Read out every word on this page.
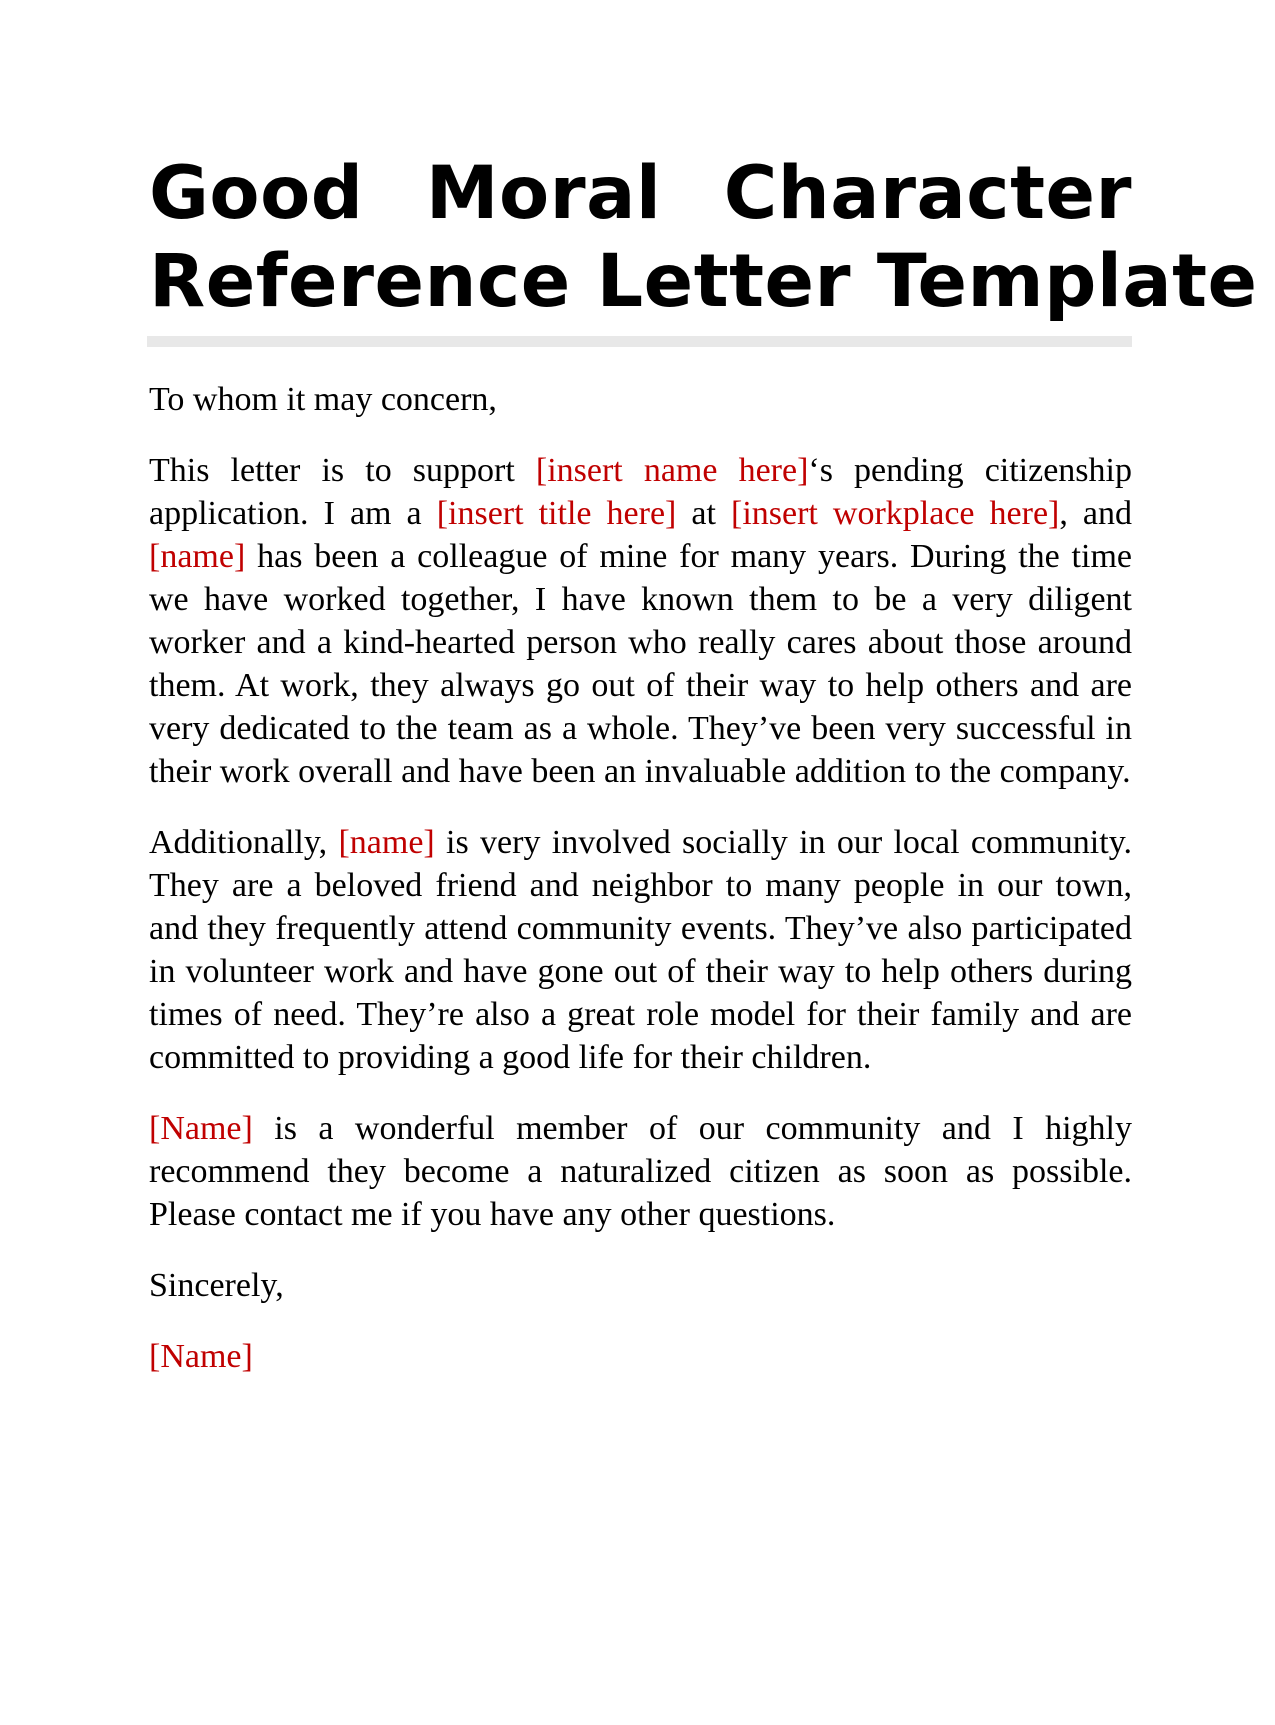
Good Moral Character
Reference Letter Template

To whom it may concern,

This letter is to support [insert name here]‘s pending citizenship application. I am a [insert title here] at [insert workplace here], and [name] has been a colleague of mine for many years. During the time we have worked together, I have known them to be a very diligent worker and a kind-hearted person who really cares about those around them. At work, they always go out of their way to help others and are very dedicated to the team as a whole. They’ve been very successful in their work overall and have been an invaluable addition to the company.

Additionally, [name] is very involved socially in our local community. They are a beloved friend and neighbor to many people in our town, and they frequently attend community events. They’ve also participated in volunteer work and have gone out of their way to help others during times of need. They’re also a great role model for their family and are committed to providing a good life for their children.

[Name] is a wonderful member of our community and I highly recommend they become a naturalized citizen as soon as possible. Please contact me if you have any other questions.

Sincerely,

[Name]
